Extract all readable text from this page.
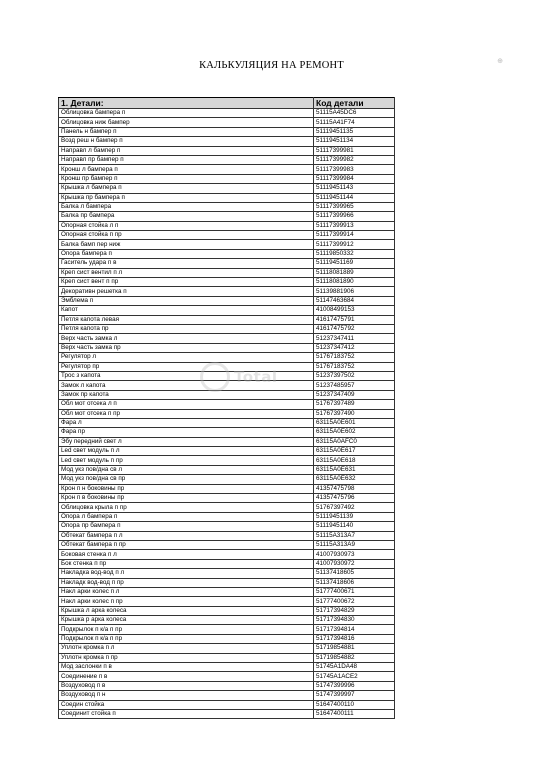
⊕
КАЛЬКУЛЯЦИЯ НА РЕМОНТ
1. Детали:	Код детали
Облицовка бампера п	51115A45DC6
Облицовка ниж бампер	51115A41F74
Панель н бампер п	51119451135
Возд реш н бампер п	51119451134
Направл л бампер п	51117399981
Направл пр бампер п	51117399982
Кронш л бампера п	51117399983
Кронш пр бампер п	51117399984
Крышка л бампера п	51119451143
Крышка пр бампера п	51119451144
Балка л бампера	51117399965
Балка пр бампера	51117399966
Опорная стойка л п	51117399913
Опорная стойка п пр	51117399914
Балка бамп пер ниж	51117399912
Опора бампера п	51119850332
Гаситель удара п в	51119451169
Креп сист вентил п л	51118081889
Креп сист вент п пр	51118081890
Декоративн решетка п	51139881906
Эмблема п	51147463684
Капот	41008499153
Петля капота левая	41617475791
Петля капота пр	41617475792
Верх часть замка л	51237347411
Верх часть замка пр	51237347412
Регулятор л	51767183752
Регулятор пр	51767183752
Трос з капота	51237397502
Замок л капота	51237485957
Замок пр капота	51237347409
Обл мот отсека л п	51767397489
Обл мот отсека п пр	51767397490
Фара л	63115A0E601
Фара пр	63115A0E602
Эбу передний свет л	63115A0AFC0
Led свет модуль п л	63115A0E617
Led свет модуль п пр	63115A0E618
Мод укз пов/дна св л	63115A0E631
Мод укз пов/дна св пр	63115A0E632
Крон п н боковины пр	41357475798
Крон п в боковины пр	41357475796
Облицовка крыла п пр	51767397492
Опора л бампера п	51119451139
Опора пр бампера п	51119451140
Обтекат бампера п л	51115A313A7
Обтекат бампера п пр	51115A313A9
Боковая стенка п л	41007930973
Бок стенка п пр	41007930972
Накладка вод-вод п л	51137418605
Накладк вод-вод п пр	51137418606
Накл арки колес п л	51777400671
Накл арки колес п пр	51777400672
Крышка л арка колеса	51717394829
Крышка р арка колеса	51717394830
Подкрылок п к/а п пр	51717394814
Подкрылок п к/а п пр	51717394816
Уплотн кромка п л	51719854881
Уплотн кромка п пр	51719854882
Мод заслонки п в	51745A1DA48
Соединение п в	51745A1ACE2
Воздуховод п в	51747399996
Воздуховод п н	51747399997
Соедин стойка	51647400110
Соединит стойка п	51647400111
Total
